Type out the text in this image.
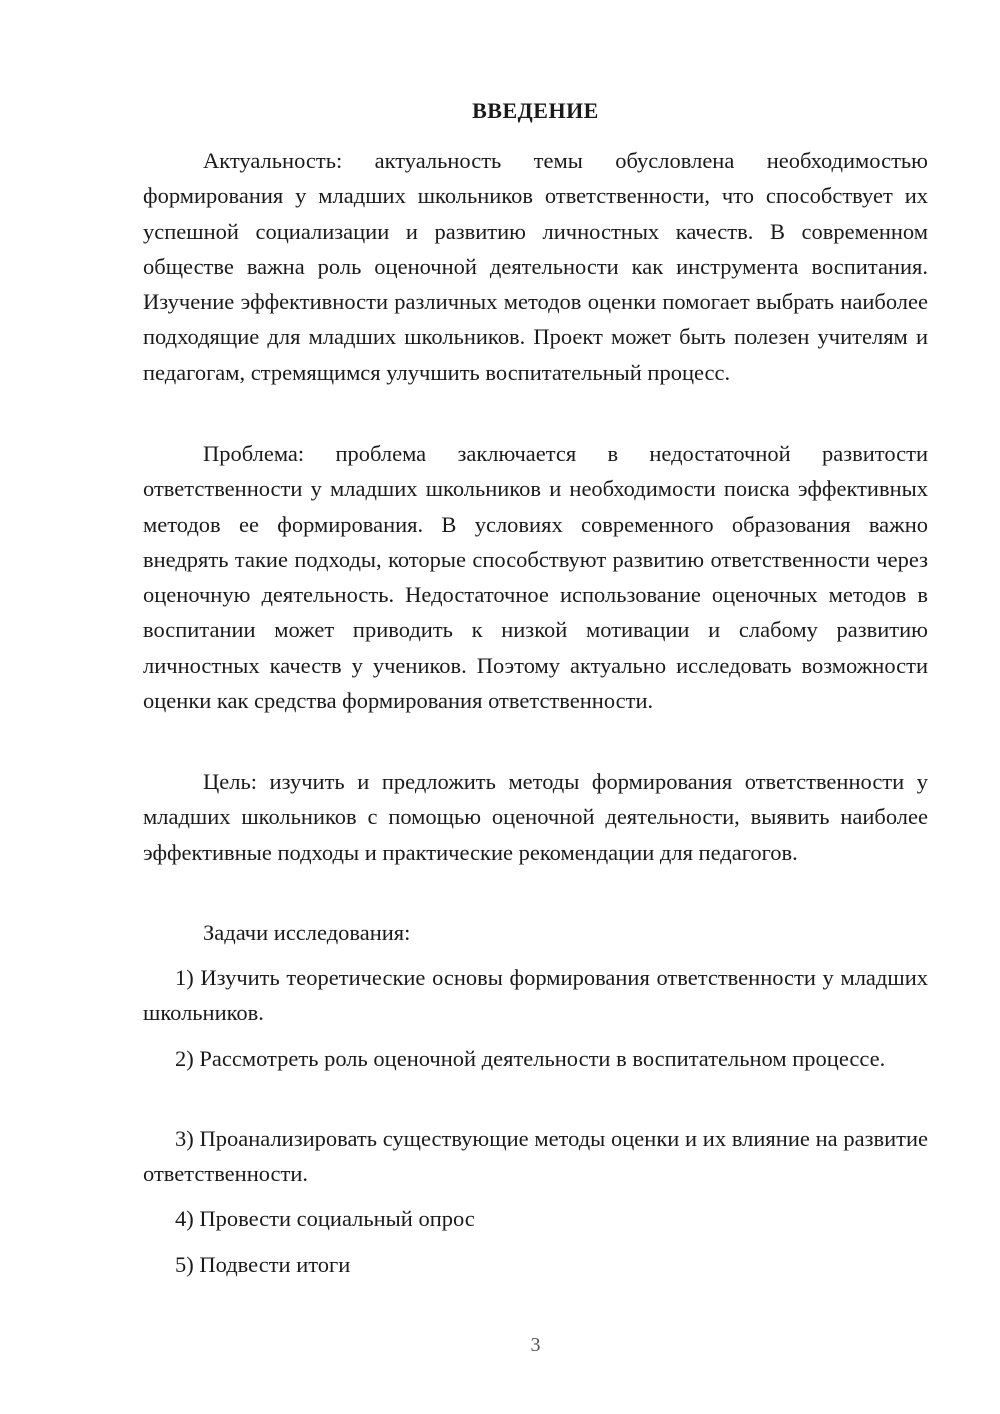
ВВЕДЕНИЕ

Актуальность: актуальность темы обусловлена необходимостью формирования у младших школьников ответственности, что способствует их успешной социализации и развитию личностных качеств. В современном обществе важна роль оценочной деятельности как инструмента воспитания. Изучение эффективности различных методов оценки помогает выбрать наиболее подходящие для младших школьников. Проект может быть полезен учителям и педагогам, стремящимся улучшить воспитательный процесс.

Проблема: проблема заключается в недостаточной развитости ответственности у младших школьников и необходимости поиска эффективных методов ее формирования. В условиях современного образования важно внедрять такие подходы, которые способствуют развитию ответственности через оценочную деятельность. Недостаточное использование оценочных методов в воспитании может приводить к низкой мотивации и слабому развитию личностных качеств у учеников. Поэтому актуально исследовать возможности оценки как средства формирования ответственности.

Цель: изучить и предложить методы формирования ответственности у младших школьников с помощью оценочной деятельности, выявить наиболее эффективные подходы и практические рекомендации для педагогов.

Задачи исследования:

1) Изучить теоретические основы формирования ответственности у младших школьников.

2) Рассмотреть роль оценочной деятельности в воспитательном процессе.

3) Проанализировать существующие методы оценки и их влияние на развитие ответственности.

4) Провести социальный опрос

5) Подвести итоги

3
